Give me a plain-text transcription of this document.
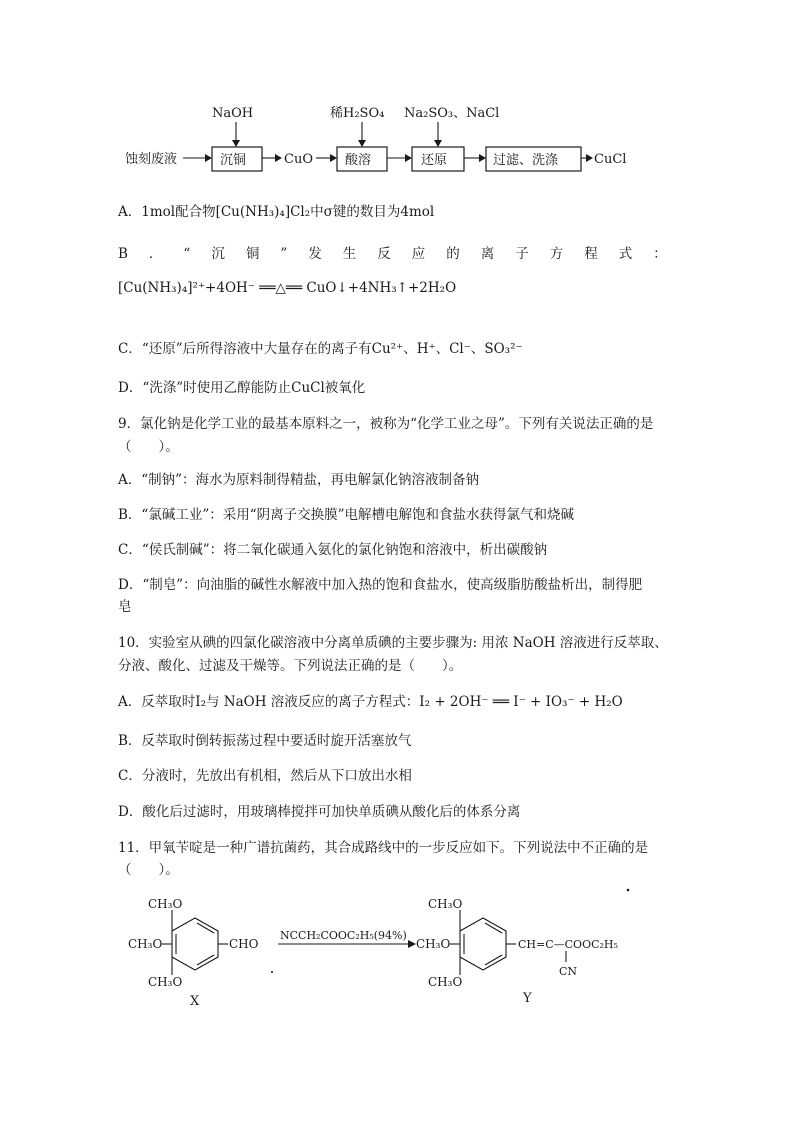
蚀刻废液
NaOH
沉铜	CuO
稀H₂SO₄
酸溶
Na₂SO₃、NaCl
还原	过滤、洗涤	CuCl
A．1mol配合物[Cu(NH₃)₄]Cl₂中σ键的数目为4mol
B．“沉铜”发生反应的离子方程式：
[Cu(NH₃)₄]²⁺+4OH⁻ ══△══ CuO↓+4NH₃↑+2H₂O
C．“还原”后所得溶液中大量存在的离子有Cu²⁺、H⁺、Cl⁻、SO₃²⁻
D．“洗涤”时使用乙醇能防止CuCl被氧化
9．氯化钠是化学工业的最基本原料之一，被称为“化学工业之母”。下列有关说法正确的是
（　　）。
A．“制钠”：海水为原料制得精盐，再电解氯化钠溶液制备钠
B．“氯碱工业”：采用“阴离子交换膜”电解槽电解饱和食盐水获得氯气和烧碱
C．“侯氏制碱”：将二氧化碳通入氨化的氯化钠饱和溶液中，析出碳酸钠
D．“制皂”：向油脂的碱性水解液中加入热的饱和食盐水，使高级脂肪酸盐析出，制得肥
皂
10．实验室从碘的四氯化碳溶液中分离单质碘的主要步骤为: 用浓 NaOH 溶液进行反萃取、
分液、酸化、过滤及干燥等。下列说法正确的是（　　）。
A．反萃取时I₂与 NaOH 溶液反应的离子方程式：I₂ + 2OH⁻ ══ I⁻ + IO₃⁻ + H₂O
B．反萃取时倒转振荡过程中要适时旋开活塞放气
C．分液时，先放出有机相，然后从下口放出水相
D．酸化后过滤时，用玻璃棒搅拌可加快单质碘从酸化后的体系分离
11．甲氧苄啶是一种广谱抗菌药，其合成路线中的一步反应如下。下列说法中不正确的是
（　　）。
CH₃O
CH₃O
CH₃O
CHO
X
NCCH₂COOC₂H₅(94%)
CH₃O
CH₃O
CH₃O
CH=C—COOC₂H₅
CN
Y
